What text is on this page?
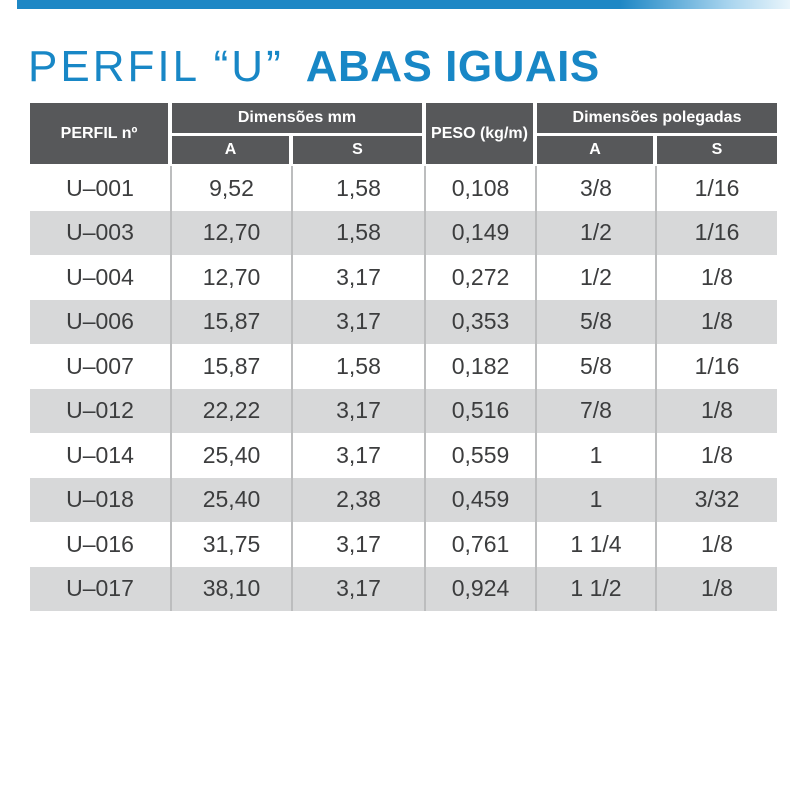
PERFIL “U” ABAS IGUAIS
PERFIL nº
Dimensões mm
PESO (kg/m)
Dimensões polegadas
A	S	A	S
U–001	9,52	1,58	0,108	3/8	1/16
U–003	12,70	1,58	0,149	1/2	1/16
U–004	12,70	3,17	0,272	1/2	1/8
U–006	15,87	3,17	0,353	5/8	1/8
U–007	15,87	1,58	0,182	5/8	1/16
U–012	22,22	3,17	0,516	7/8	1/8
U–014	25,40	3,17	0,559	1	1/8
U–018	25,40	2,38	0,459	1	3/32
U–016	31,75	3,17	0,761	1 1/4	1/8
U–017	38,10	3,17	0,924	1 1/2	1/8
